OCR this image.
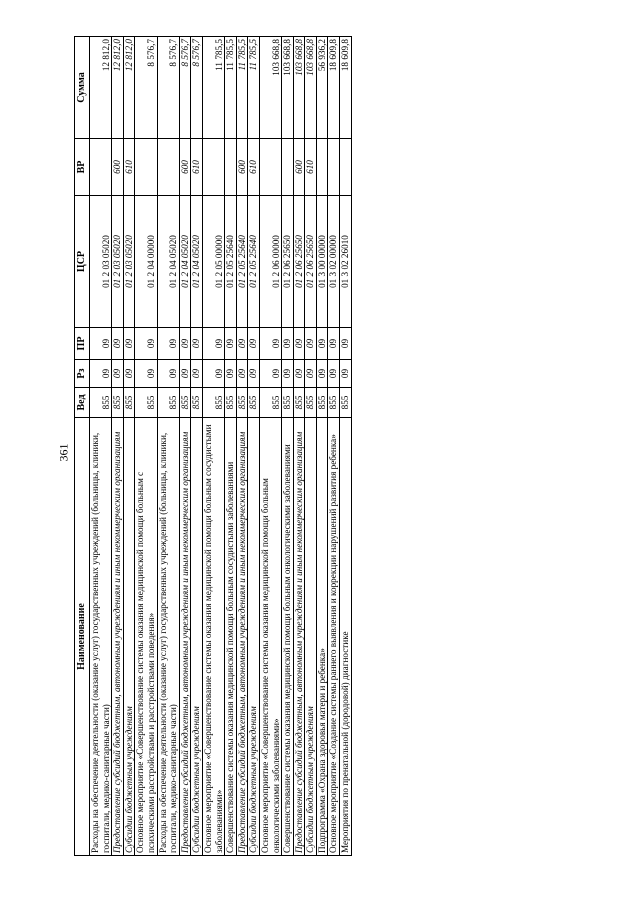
361
Наименование	Вед	Рз	ПР	ЦСР	ВР	Сумма
Расходы на обеспечение деятельности (оказание услуг) государственных учреждений (больницы, клиники, госпитали, медико-санитарные части)	855	09	09	01 2 03 05020		12 812,0
Предоставление субсидий бюджетным, автономным учреждениям и иным некоммерческим организациям	855	09	09	01 2 03 05020	600	12 812,0
Субсидии бюджетным учреждениям	855	09	09	01 2 03 05020	610	12 812,0
Основное мероприятие «Совершенствование системы оказания медицинской помощи больным с психическими расстройствами и расстройствами поведения»	855	09	09	01 2 04 00000		8 576,7
Расходы на обеспечение деятельности (оказание услуг) государственных учреждений (больницы, клиники, госпитали, медико-санитарные части)	855	09	09	01 2 04 05020		8 576,7
Предоставление субсидий бюджетным, автономным учреждениям и иным некоммерческим организациям	855	09	09	01 2 04 05020	600	8 576,7
Субсидии бюджетным учреждениям	855	09	09	01 2 04 05020	610	8 576,7
Основное мероприятие «Совершенствование системы оказания медицинской помощи больным сосудистыми заболеваниями»	855	09	09	01 2 05 00000		11 785,5
Совершенствование системы оказания медицинской помощи больным сосудистыми заболеваниями	855	09	09	01 2 05 25640		11 785,5
Предоставление субсидий бюджетным, автономным учреждениям и иным некоммерческим организациям	855	09	09	01 2 05 25640	600	11 785,5
Субсидии бюджетным учреждениям	855	09	09	01 2 05 25640	610	11 785,5
Основное мероприятие «Совершенствование системы оказания медицинской помощи больным онкологическими заболеваниями»	855	09	09	01 2 06 00000		103 668,8
Совершенствование системы оказания медицинской помощи больным онкологическими заболеваниями	855	09	09	01 2 06 25650		103 668,8
Предоставление субсидий бюджетным, автономным учреждениям и иным некоммерческим организациям	855	09	09	01 2 06 25650	600	103 668,8
Субсидии бюджетным учреждениям	855	09	09	01 2 06 25650	610	103 668,8
Подпрограмма «Охрана здоровья матери и ребенка»	855	09	09	01 3 00 00000		56 936,2
Основное мероприятие «Создание системы раннего выявления и коррекции нарушений развития ребенка»	855	09	09	01 3 02 00000		18 609,8
Мероприятия по пренатальной (дородовой) диагностике	855	09	09	01 3 02 26010		18 609,8
